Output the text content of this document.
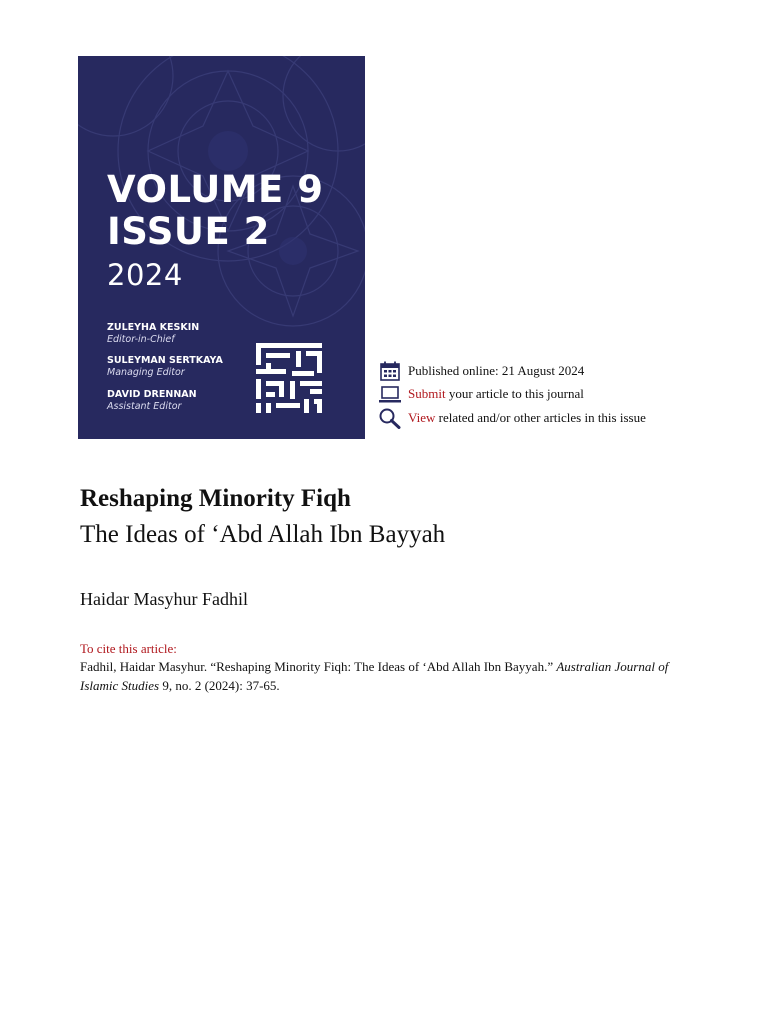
VOLUME 9
ISSUE 2
2024
ZULEYHA KESKIN
Editor-in-Chief
SULEYMAN SERTKAYA
Managing Editor
DAVID DRENNAN
Assistant Editor
Published online: 21 August 2024
Submit your article to this journal
View related and/or other articles in this issue
Reshaping Minority Fiqh
The Ideas of ‘Abd Allah Ibn Bayyah
Haidar Masyhur Fadhil
To cite this article:
Fadhil, Haidar Masyhur. “Reshaping Minority Fiqh: The Ideas of ‘Abd Allah Ibn Bayyah.” Australian Journal of Islamic Studies 9, no. 2 (2024): 37-65.
